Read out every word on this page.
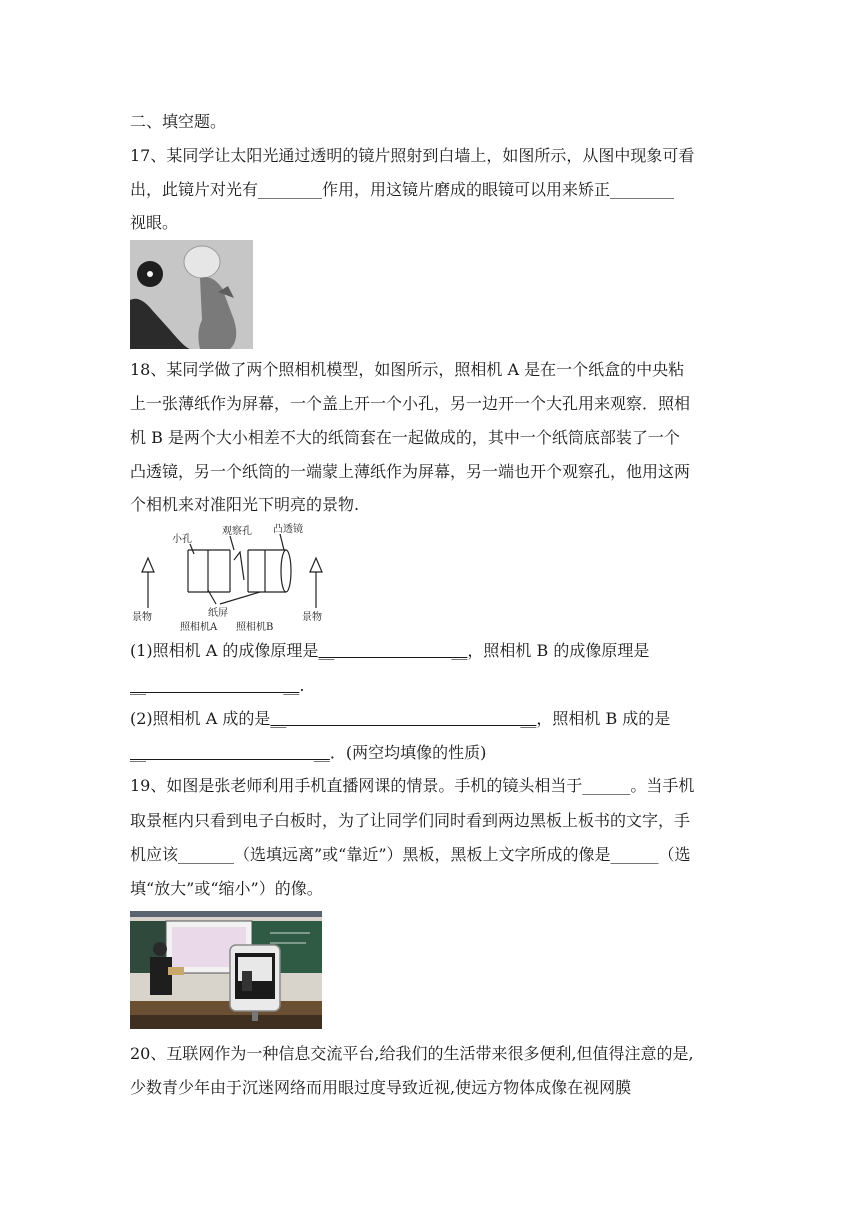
二、填空题。
17、某同学让太阳光通过透明的镜片照射到白墙上，如图所示，从图中现象可看
出，此镜片对光有________作用，用这镜片磨成的眼镜可以用来矫正________
视眼。
18、某同学做了两个照相机模型，如图所示，照相机 A 是在一个纸盒的中央粘
上一张薄纸作为屏幕，一个盖上开一个小孔，另一边开一个大孔用来观察．照相
机 B 是两个大小相差不大的纸筒套在一起做成的，其中一个纸筒底部装了一个
凸透镜，另一个纸筒的一端蒙上薄纸作为屏幕，另一端也开个观察孔，他用这两
个相机来对准阳光下明亮的景物.
小孔
观察孔 凸透镜
景物	纸屏	景物
照相机A 照相机B
(1)照相机 A 的成像原理是__                       __，照相机 B 的成像原理是
__                           __.
(2)照相机 A 成的是__                                              __，照相机 B 成的是
__                                 __．(两空均填像的性质)
19、如图是张老师利用手机直播网课的情景。手机的镜头相当于______。当手机
取景框内只看到电子白板时，为了让同学们同时看到两边黑板上板书的文字，手
机应该_______（选填远离”或“靠近”）黑板，黑板上文字所成的像是______（选
填“放大”或“缩小”）的像。
20、互联网作为一种信息交流平台,给我们的生活带来很多便利,但值得注意的是,
少数青少年由于沉迷网络而用眼过度导致近视,使远方物体成像在视网膜
